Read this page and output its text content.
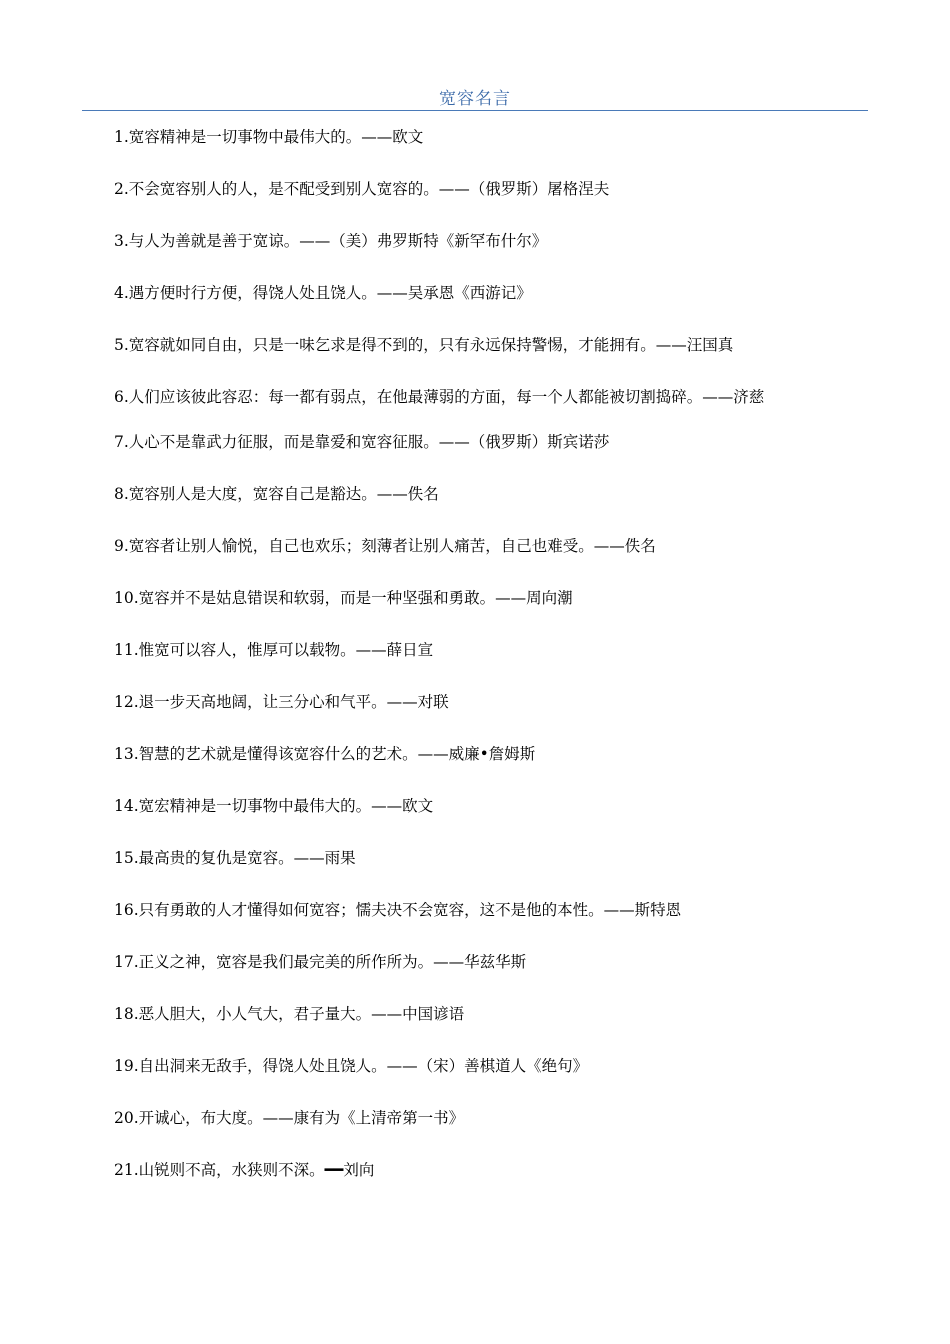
宽容名言
1.宽容精神是一切事物中最伟大的。——欧文
2.不会宽容别人的人，是不配受到别人宽容的。——（俄罗斯）屠格涅夫
3.与人为善就是善于宽谅。——（美）弗罗斯特《新罕布什尔》
4.遇方便时行方便，得饶人处且饶人。——吴承恩《西游记》
5.宽容就如同自由，只是一味乞求是得不到的，只有永远保持警惕，才能拥有。——汪国真
6.人们应该彼此容忍：每一都有弱点，在他最薄弱的方面，每一个人都能被切割捣碎。——济慈
7.人心不是靠武力征服，而是靠爱和宽容征服。——（俄罗斯）斯宾诺莎
8.宽容别人是大度，宽容自己是豁达。——佚名
9.宽容者让别人愉悦，自己也欢乐；刻薄者让别人痛苦，自己也难受。——佚名
10.宽容并不是姑息错误和软弱，而是一种坚强和勇敢。——周向潮
11.惟宽可以容人，惟厚可以载物。——薛日宣
12.退一步天高地阔，让三分心和气平。——对联
13.智慧的艺术就是懂得该宽容什么的艺术。——威廉•詹姆斯
14.宽宏精神是一切事物中最伟大的。——欧文
15.最高贵的复仇是宽容。——雨果
16.只有勇敢的人才懂得如何宽容；懦夫决不会宽容，这不是他的本性。——斯特恩
17.正义之神，宽容是我们最完美的所作所为。——华兹华斯
18.恶人胆大，小人气大，君子量大。——中国谚语
19.自出洞来无敌手，得饶人处且饶人。——（宋）善棋道人《绝句》
20.开诚心，布大度。——康有为《上清帝第一书》
21.山锐则不高，水狭则不深。━━刘向
